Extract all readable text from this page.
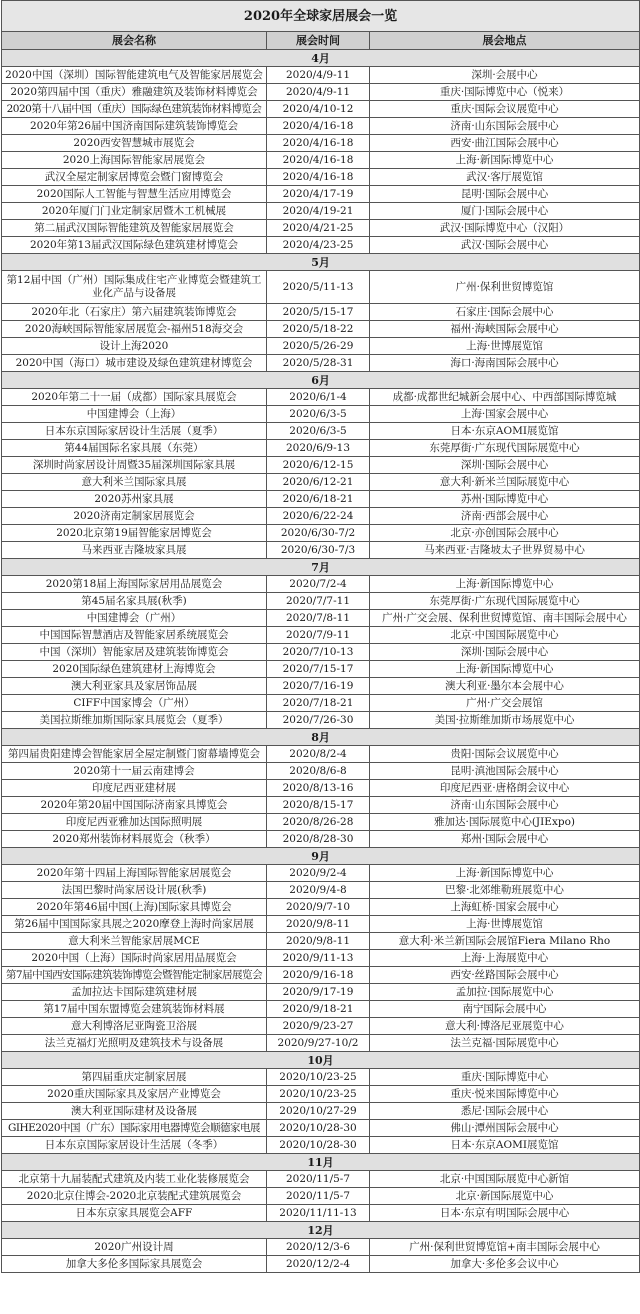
2020年全球家居展会一览		
展会名称	展会时间	展会地点
4月		
2020中国（深圳）国际智能建筑电气及智能家居展览会	2020/4/9-11	深圳·会展中心
2020第四届中国（重庆）雅融建筑及装饰材料博览会	2020/4/9-11	重庆·国际博览中心（悦来）
2020第十八届中国（重庆）国际绿色建筑装饰材料博览会	2020/4/10-12	重庆·国际会议展览中心
2020年第26届中国济南国际建筑装饰博览会	2020/4/16-18	济南·山东国际会展中心
2020西安智慧城市展览会	2020/4/16-18	西安·曲江国际会展中心
2020上海国际智能家居展览会	2020/4/16-18	上海·新国际博览中心
武汉全屋定制家居博览会暨门窗博览会	2020/4/16-18	武汉·客厅展览馆
2020国际人工智能与智慧生活应用博览会	2020/4/17-19	昆明·国际会展中心
2020年厦门门业定制家居暨木工机械展	2020/4/19-21	厦门·国际会展中心
第二届武汉国际智能建筑及智能家居展览会	2020/4/21-25	武汉·国际博览中心（汉阳）
2020年第13届武汉国际绿色建筑建材博览会	2020/4/23-25	武汉·国际会展中心
5月		
第12届中国（广州）国际集成住宅产业博览会暨建筑工业化产品与设备展	2020/5/11-13	广州·保利世贸博览馆
2020年北（石家庄）第六届建筑装饰博览会	2020/5/15-17	石家庄·国际会展中心
2020海峡国际智能家居展览会-福州518海交会	2020/5/18-22	福州·海峡国际会展中心
设计上海2020	2020/5/26-29	上海·世博展览馆
2020中国（海口）城市建设及绿色建筑建材博览会	2020/5/28-31	海口·海南国际会展中心
6月		
2020年第二十一届（成都）国际家具展览会	2020/6/1-4	成都·成都世纪城新会展中心、中西部国际博览城
中国建博会（上海）	2020/6/3-5	上海·国家会展中心
日本东京国际家居设计生活展（夏季）	2020/6/3-5	日本·东京AOMI展览馆
第44届国际名家具展（东莞）	2020/6/9-13	东莞厚街·广东现代国际展览中心
深圳时尚家居设计周暨35届深圳国际家具展	2020/6/12-15	深圳·国际会展中心
意大利米兰国际家具展	2020/6/12-21	意大利·新米兰国际展览中心
2020苏州家具展	2020/6/18-21	苏州·国际博览中心
2020济南定制家居展览会	2020/6/22-24	济南·西部会展中心
2020北京第19届智能家居博览会	2020/6/30-7/2	北京·亦创国际会展中心
马来西亚吉隆坡家具展	2020/6/30-7/3	马来西亚·吉隆坡太子世界贸易中心
7月		
2020第18届上海国际家居用品展览会	2020/7/2-4	上海·新国际博览中心
第45届名家具展(秋季)	2020/7/7-11	东莞厚街·广东现代国际展览中心
中国建博会（广州）	2020/7/8-11	广州·广交会展、保利世贸博览馆、南丰国际会展中心
中国国际智慧酒店及智能家居系统展览会	2020/7/9-11	北京·中国国际展览中心
中国（深圳）智能家居及建筑装饰博览会	2020/7/10-13	深圳·国际会展中心
2020国际绿色建筑建材上海博览会	2020/7/15-17	上海·新国际博览中心
澳大利亚家具及家居饰品展	2020/7/16-19	澳大利亚·墨尔本会展中心
CIFF中国家博会（广州）	2020/7/18-21	广州·广交会展馆
美国拉斯维加斯国际家具展览会（夏季）	2020/7/26-30	美国·拉斯维加斯市场展览中心
8月		
第四届贵阳建博会智能家居全屋定制暨门窗幕墙博览会	2020/8/2-4	贵阳·国际会议展览中心
2020第十一届云南建博会	2020/8/6-8	昆明·滇池国际会展中心
印度尼西亚建材展	2020/8/13-16	印度尼西亚·唐格朗会议中心
2020年第20届中国国际济南家具博览会	2020/8/15-17	济南·山东国际会展中心
印度尼西亚雅加达国际照明展	2020/8/26-28	雅加达·国际展览中心(JIExpo)
2020郑州装饰材料展览会（秋季）	2020/8/28-30	郑州·国际会展中心
9月		
2020年第十四届上海国际智能家居展览会	2020/9/2-4	上海·新国际博览中心
法国巴黎时尚家居设计展(秋季)	2020/9/4-8	巴黎·北郊维勒班展览中心
2020年第46届中国(上海)国际家具博览会	2020/9/7-10	上海虹桥·国家会展中心
第26届中国国际家具展之2020摩登上海时尚家居展	2020/9/8-11	上海·世博展览馆
意大利米兰智能家居展MCE	2020/9/8-11	意大利·米兰新国际会展馆Fiera Milano Rho
2020中国（上海）国际时尚家居用品展览会	2020/9/11-13	上海·上海展览中心
第7届中国西安国际建筑装饰博览会暨智能定制家居展览会	2020/9/16-18	西安·丝路国际会展中心
孟加拉达卡国际建筑建材展	2020/9/17-19	孟加拉·国际展览中心
第17届中国东盟博览会建筑装饰材料展	2020/9/18-21	南宁国际会展中心
意大利博洛尼亚陶瓷卫浴展	2020/9/23-27	意大利·博洛尼亚展览中心
法兰克福灯光照明及建筑技术与设备展	2020/9/27-10/2	法兰克福·国际展览中心
10月		
第四届重庆定制家居展	2020/10/23-25	重庆·国际博览中心
2020重庆国际家具及家居产业博览会	2020/10/23-25	重庆·悦来国际博览中心
澳大利亚国际建材及设备展	2020/10/27-29	悉尼·国际会展中心
GIHE2020中国（广东）国际家用电器博览会顺德家电展	2020/10/28-30	佛山·潭州国际会展中心
日本东京国际家居设计生活展（冬季）	2020/10/28-30	日本·东京AOMI展览馆
11月		
北京第十九届装配式建筑及内装工业化装修展览会	2020/11/5-7	北京·中国国际展览中心新馆
2020北京住博会-2020北京装配式建筑展览会	2020/11/5-7	北京·新国际展览中心
日本东京家具展览会AFF	2020/11/11-13	日本·东京有明国际会展中心
12月		
2020广州设计周	2020/12/3-6	广州·保利世贸博览馆+南丰国际会展中心
加拿大多伦多国际家具展览会	2020/12/2-4	加拿大·多伦多会议中心
